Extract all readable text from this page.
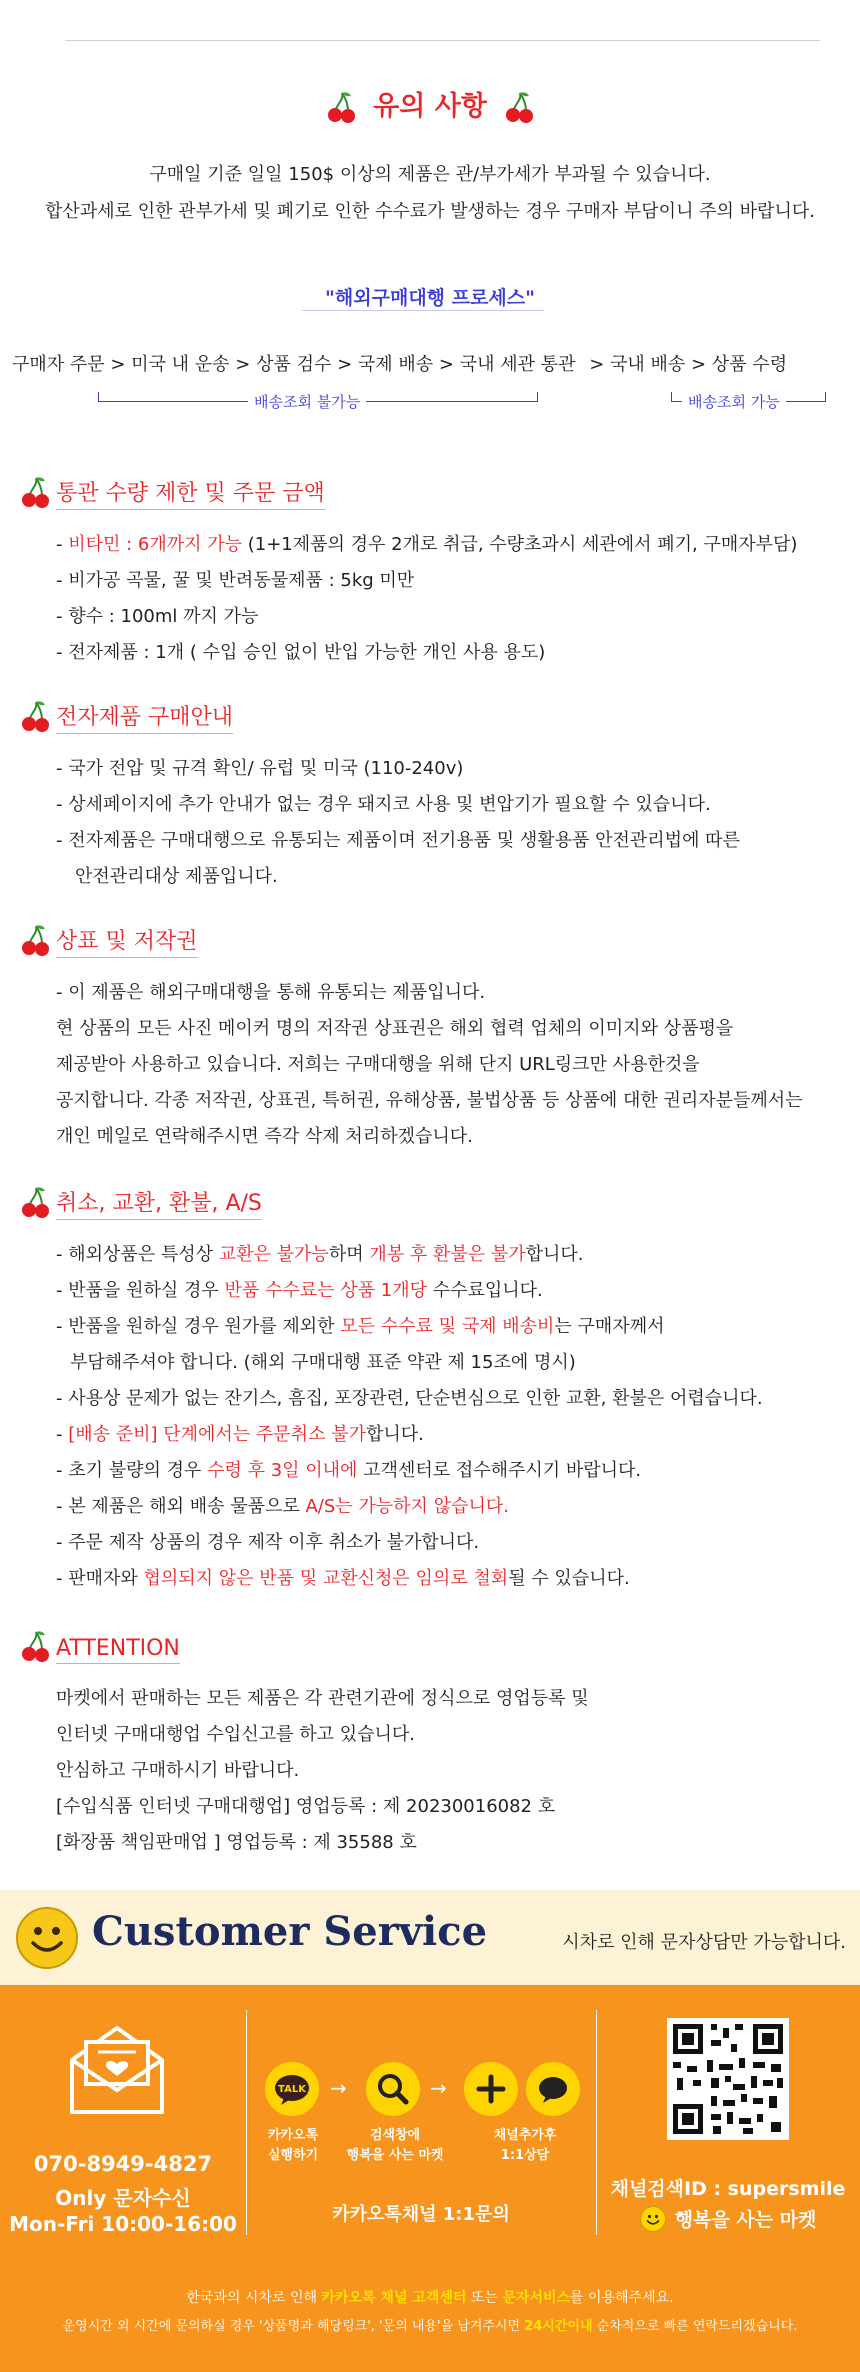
유의 사항
구매일 기준 일일 150$ 이상의 제품은 관/부가세가 부과될 수 있습니다.
합산과세로 인한 관부가세 및 폐기로 인한 수수료가 발생하는 경우 구매자 부담이니 주의 바랍니다.
"해외구매대행 프로세스"
구매자 주문 > 미국 내 운송 > 상품 검수 > 국제 배송 > 국내 세관 통관 > 국내 배송 > 상품 수령
배송조회 불가능	배송조회 가능
통관 수량 제한 및 주문 금액
- 비타민 : 6개까지 가능 (1+1제품의 경우 2개로 취급, 수량초과시 세관에서 폐기, 구매자부담)
- 비가공 곡물, 꿀 및 반려동물제품 : 5kg 미만
- 향수 : 100ml 까지 가능
- 전자제품 : 1개 ( 수입 승인 없이 반입 가능한 개인 사용 용도)
전자제품 구매안내
- 국가 전압 및 규격 확인/ 유럽 및 미국 (110-240v)
- 상세페이지에 추가 안내가 없는 경우 돼지코 사용 및 변압기가 필요할 수 있습니다.
- 전자제품은 구매대행으로 유통되는 제품이며 전기용품 및 생활용품 안전관리법에 따른
안전관리대상 제품입니다.
상표 및 저작권
- 이 제품은 해외구매대행을 통해 유통되는 제품입니다.
현 상품의 모든 사진 메이커 명의 저작권 상표권은 해외 협력 업체의 이미지와 상품평을
제공받아 사용하고 있습니다. 저희는 구매대행을 위해 단지 URL링크만 사용한것을
공지합니다. 각종 저작권, 상표권, 특허권, 유해상품, 불법상품 등 상품에 대한 권리자분들께서는
개인 메일로 연락해주시면 즉각 삭제 처리하겠습니다.
취소, 교환, 환불, A/S
- 해외상품은 특성상 교환은 불가능하며 개봉 후 환불은 불가합니다.
- 반품을 원하실 경우 반품 수수료는 상품 1개당 수수료입니다.
- 반품을 원하실 경우 원가를 제외한 모든 수수료 및 국제 배송비는 구매자께서
부담해주셔야 합니다. (해외 구매대행 표준 약관 제 15조에 명시)
- 사용상 문제가 없는 잔기스, 흠집, 포장관련, 단순변심으로 인한 교환, 환불은 어렵습니다.
- [배송 준비] 단계에서는 주문취소 불가합니다.
- 초기 불량의 경우 수령 후 3일 이내에 고객센터로 접수해주시기 바랍니다.
- 본 제품은 해외 배송 물품으로 A/S는 가능하지 않습니다.
- 주문 제작 상품의 경우 제작 이후 취소가 불가합니다.
- 판매자와 협의되지 않은 반품 및 교환신청은 임의로 철회될 수 있습니다.
ATTENTION
마켓에서 판매하는 모든 제품은 각 관련기관에 정식으로 영업등록 및
인터넷 구매대행업 수입신고를 하고 있습니다.
안심하고 구매하시기 바랍니다.
[수입식품 인터넷 구매대행업] 영업등록 : 제 20230016082 호
[화장품 책임판매업 ] 영업등록 : 제 35588 호
Customer Service	시차로 인해 문자상담만 가능합니다.
070-8949-4827
Only 문자수신
Mon-Fri 10:00-16:00
TALK →	→
카카오톡
실행하기
검색창에
행복을 사는 마켓
채널추가후
1:1상담
카카오톡채널 1:1문의
채널검색ID : supersmile
행복을 사는 마켓
한국과의 시차로 인해 카카오톡 채널 고객센터 또는 문자서비스를 이용해주세요.
운영시간 외 시간에 문의하실 경우 '상품명과 해당링크', '문의 내용'을 남겨주시면 24시간이내 순차적으로 빠른 연락드리겠습니다.
